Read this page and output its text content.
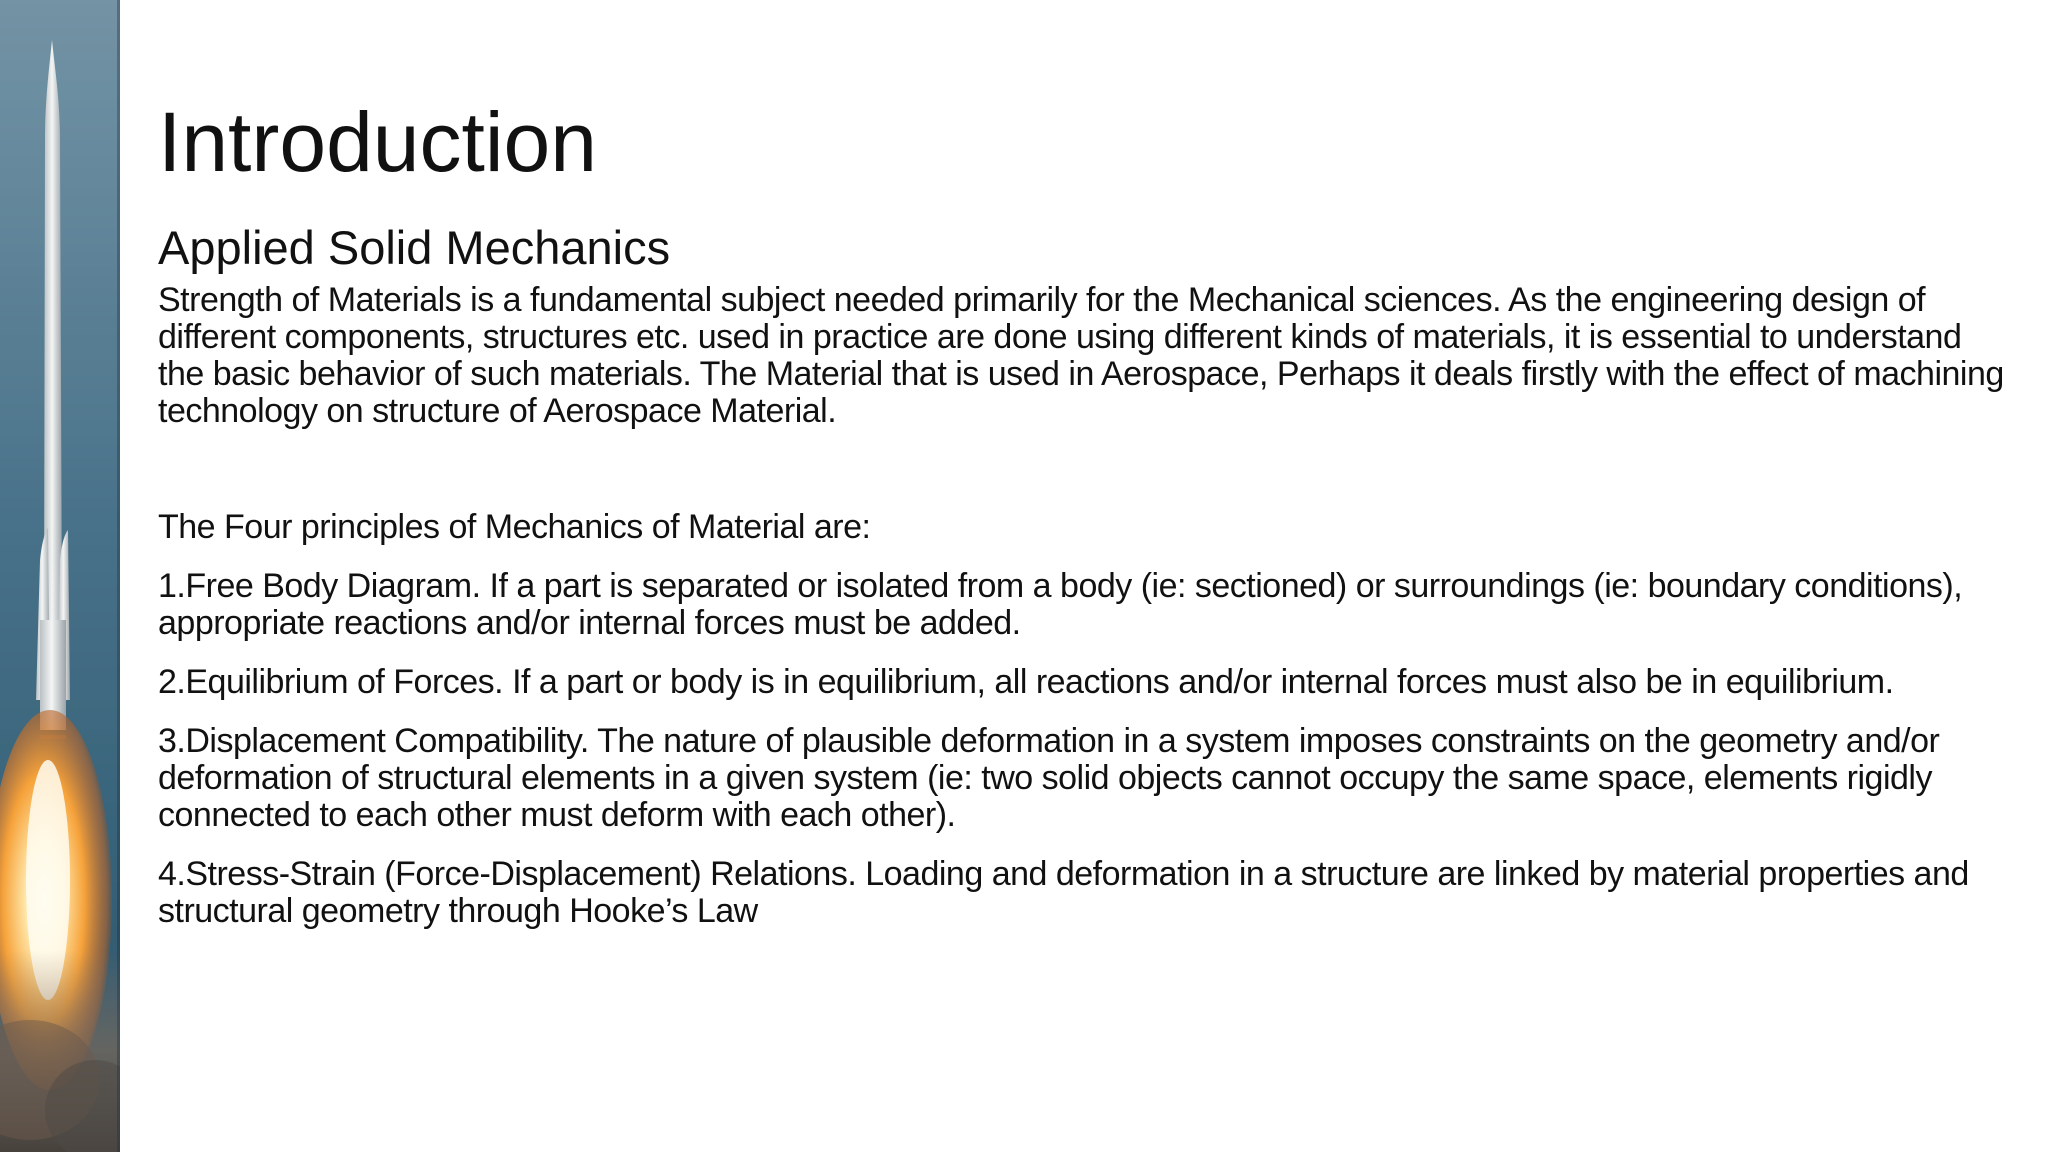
Introduction
Applied Solid Mechanics

Strength of Materials is a fundamental subject needed primarily for the Mechanical sciences. As the engineering design of different components, structures etc. used in practice are done using different kinds of materials, it is essential to understand the basic behavior of such materials. The Material that is used in Aerospace, Perhaps it deals firstly with the effect of machining technology on structure of Aerospace Material.

The Four principles of Mechanics of Material are:

1.Free Body Diagram. If a part is separated or isolated from a body (ie: sectioned) or surroundings (ie: boundary conditions), appropriate reactions and/or internal forces must be added.

2.Equilibrium of Forces. If a part or body is in equilibrium, all reactions and/or internal forces must also be in equilibrium.

3.Displacement Compatibility. The nature of plausible deformation in a system imposes constraints on the geometry and/or deformation of structural elements in a given system (ie: two solid objects cannot occupy the same space, elements rigidly connected to each other must deform with each other).

4.Stress-Strain (Force-Displacement) Relations. Loading and deformation in a structure are linked by material properties and structural geometry through Hooke’s Law
